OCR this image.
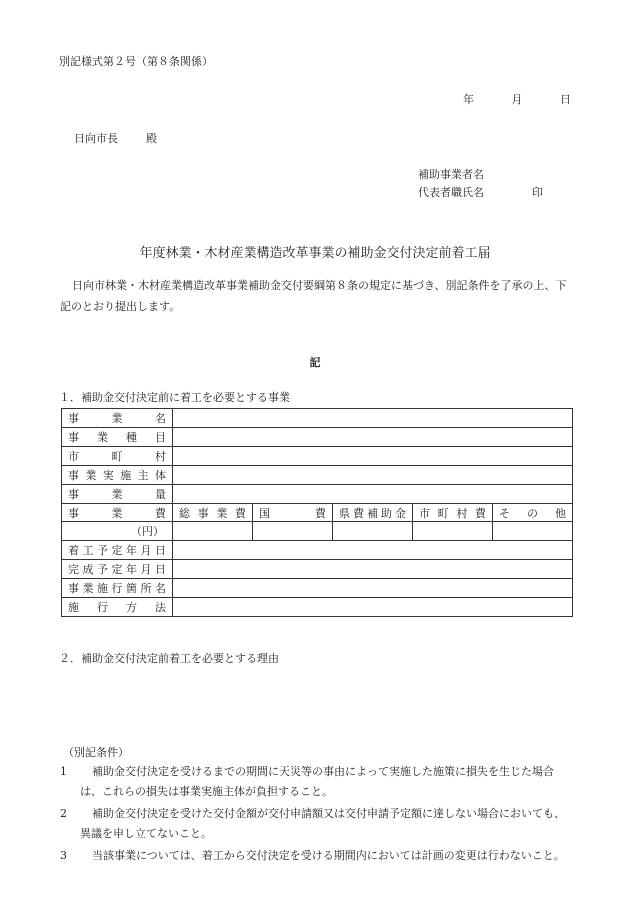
別記様式第２号（第８条関係）
年	月	日
日向市長	殿
補助事業者名
代表者職氏名	印
年度林業・木材産業構造改革事業の補助金交付決定前着工届
日向市林業・木材産業構造改革事業補助金交付要綱第８条の規定に基づき、別記条件を了承の上、下記のとおり提出します。
記
１．補助金交付決定前に着工を必要とする事業
事業名					
事業種目					
市町村					
事業実施主体					
事業量					
事業費	総事業費	国費	県費補助金	市町村費	その他
（円）					
着工予定年月日					
完成予定年月日					
事業施行箇所名					
施行方法					
２．補助金交付決定前着工を必要とする理由
（別記条件）
1	補助金交付決定を受けるまでの期間に天災等の事由によって実施した施策に損失を生じた場合は、これらの損失は事業実施主体が負担すること。
2	補助金交付決定を受けた交付金額が交付申請額又は交付申請予定額に達しない場合においても、異議を申し立てないこと。
3	当該事業については、着工から交付決定を受ける期間内においては計画の変更は行わないこと。
